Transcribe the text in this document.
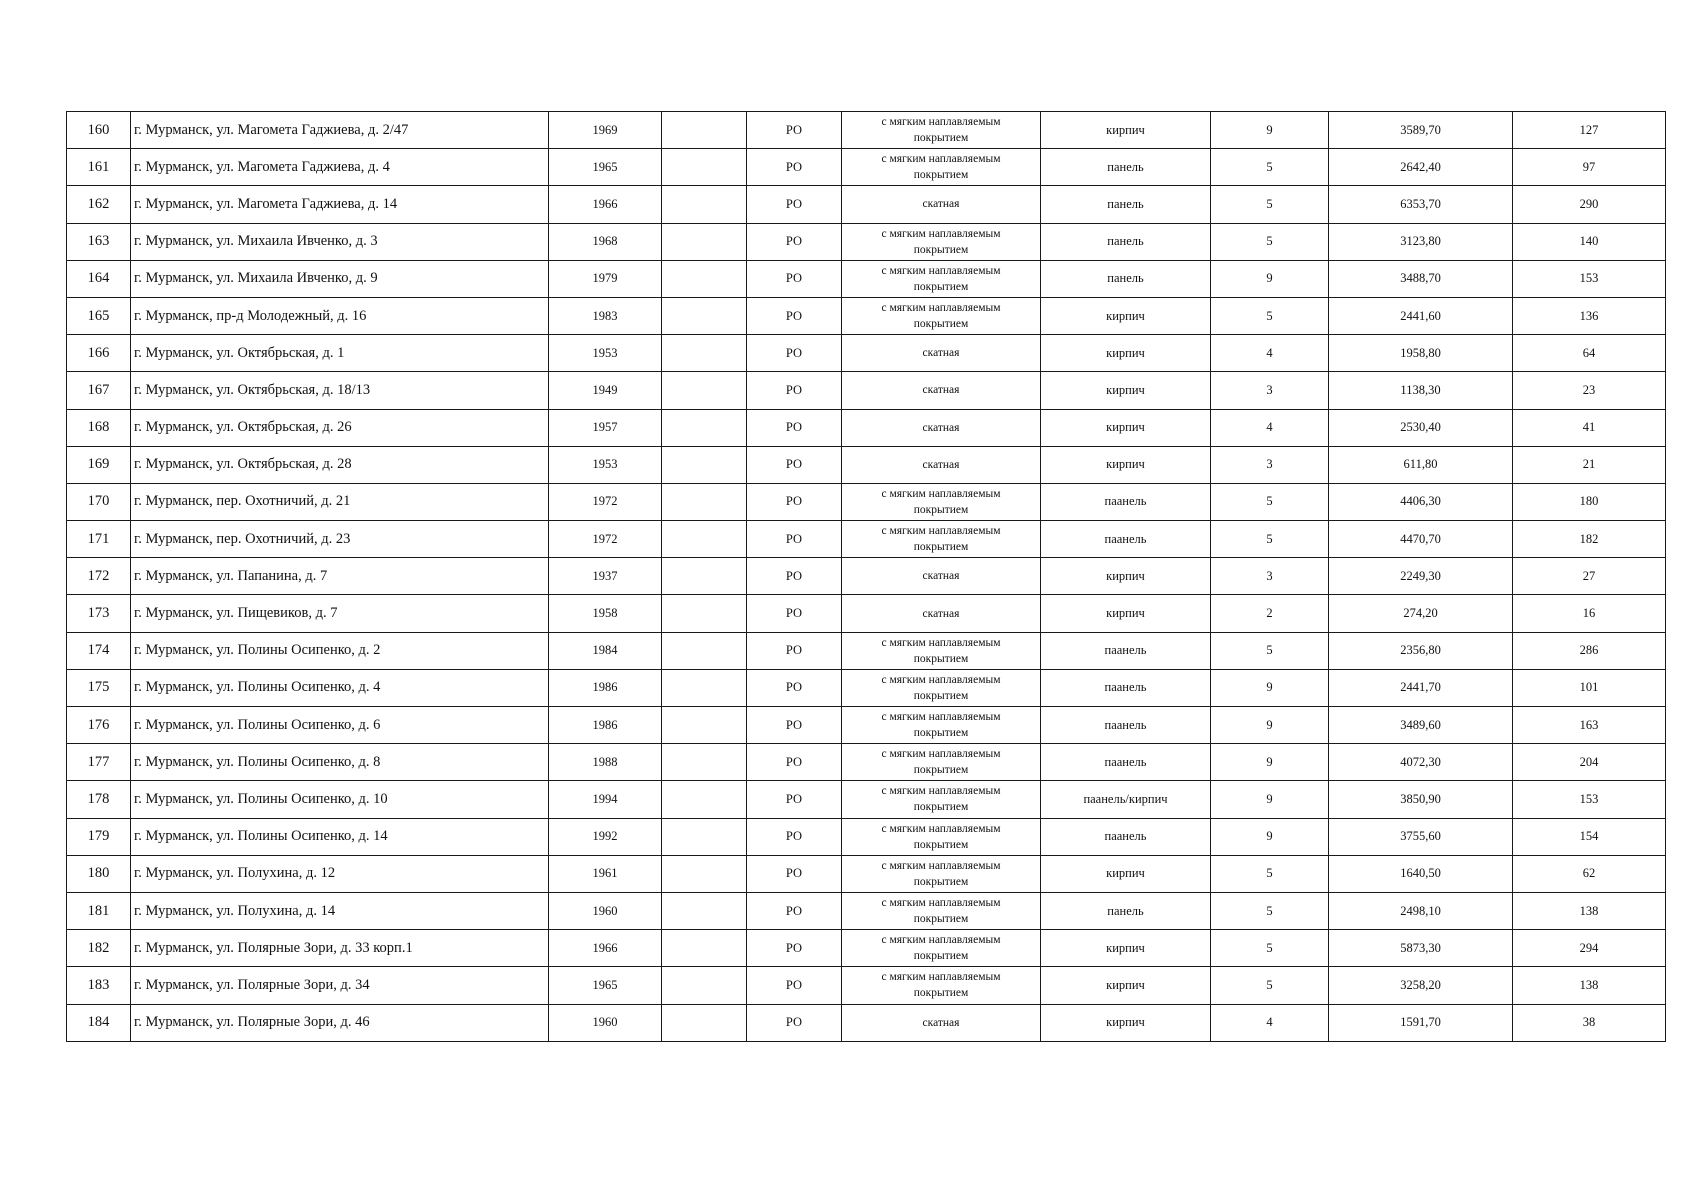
160	г. Мурманск, ул. Магомета Гаджиева, д. 2/47	1969		РО	с мягким наплавляемым
покрытием	кирпич	9	3589,70	127
161	г. Мурманск, ул. Магомета Гаджиева, д. 4	1965		РО	с мягким наплавляемым
покрытием	панель	5	2642,40	97
162	г. Мурманск, ул. Магомета Гаджиева, д. 14	1966		РО	скатная	панель	5	6353,70	290
163	г. Мурманск, ул. Михаила Ивченко, д. 3	1968		РО	с мягким наплавляемым
покрытием	панель	5	3123,80	140
164	г. Мурманск, ул. Михаила Ивченко, д. 9	1979		РО	с мягким наплавляемым
покрытием	панель	9	3488,70	153
165	г. Мурманск, пр-д Молодежный, д. 16	1983		РО	с мягким наплавляемым
покрытием	кирпич	5	2441,60	136
166	г. Мурманск, ул. Октябрьская, д. 1	1953		РО	скатная	кирпич	4	1958,80	64
167	г. Мурманск, ул. Октябрьская, д. 18/13	1949		РО	скатная	кирпич	3	1138,30	23
168	г. Мурманск, ул. Октябрьская, д. 26	1957		РО	скатная	кирпич	4	2530,40	41
169	г. Мурманск, ул. Октябрьская, д. 28	1953		РО	скатная	кирпич	3	611,80	21
170	г. Мурманск, пер. Охотничий, д. 21	1972		РО	с мягким наплавляемым
покрытием	паанель	5	4406,30	180
171	г. Мурманск, пер. Охотничий, д. 23	1972		РО	с мягким наплавляемым
покрытием	паанель	5	4470,70	182
172	г. Мурманск, ул. Папанина, д. 7	1937		РО	скатная	кирпич	3	2249,30	27
173	г. Мурманск, ул. Пищевиков, д. 7	1958		РО	скатная	кирпич	2	274,20	16
174	г. Мурманск, ул. Полины Осипенко, д. 2	1984		РО	с мягким наплавляемым
покрытием	паанель	5	2356,80	286
175	г. Мурманск, ул. Полины Осипенко, д. 4	1986		РО	с мягким наплавляемым
покрытием	паанель	9	2441,70	101
176	г. Мурманск, ул. Полины Осипенко, д. 6	1986		РО	с мягким наплавляемым
покрытием	паанель	9	3489,60	163
177	г. Мурманск, ул. Полины Осипенко, д. 8	1988		РО	с мягким наплавляемым
покрытием	паанель	9	4072,30	204
178	г. Мурманск, ул. Полины Осипенко, д. 10	1994		РО	с мягким наплавляемым
покрытием	паанель/кирпич	9	3850,90	153
179	г. Мурманск, ул. Полины Осипенко, д. 14	1992		РО	с мягким наплавляемым
покрытием	паанель	9	3755,60	154
180	г. Мурманск, ул. Полухина, д. 12	1961		РО	с мягким наплавляемым
покрытием	кирпич	5	1640,50	62
181	г. Мурманск, ул. Полухина, д. 14	1960		РО	с мягким наплавляемым
покрытием	панель	5	2498,10	138
182	г. Мурманск, ул. Полярные Зори, д. 33 корп.1	1966		РО	с мягким наплавляемым
покрытием	кирпич	5	5873,30	294
183	г. Мурманск, ул. Полярные Зори, д. 34	1965		РО	с мягким наплавляемым
покрытием	кирпич	5	3258,20	138
184	г. Мурманск, ул. Полярные Зори, д. 46	1960		РО	скатная	кирпич	4	1591,70	38
